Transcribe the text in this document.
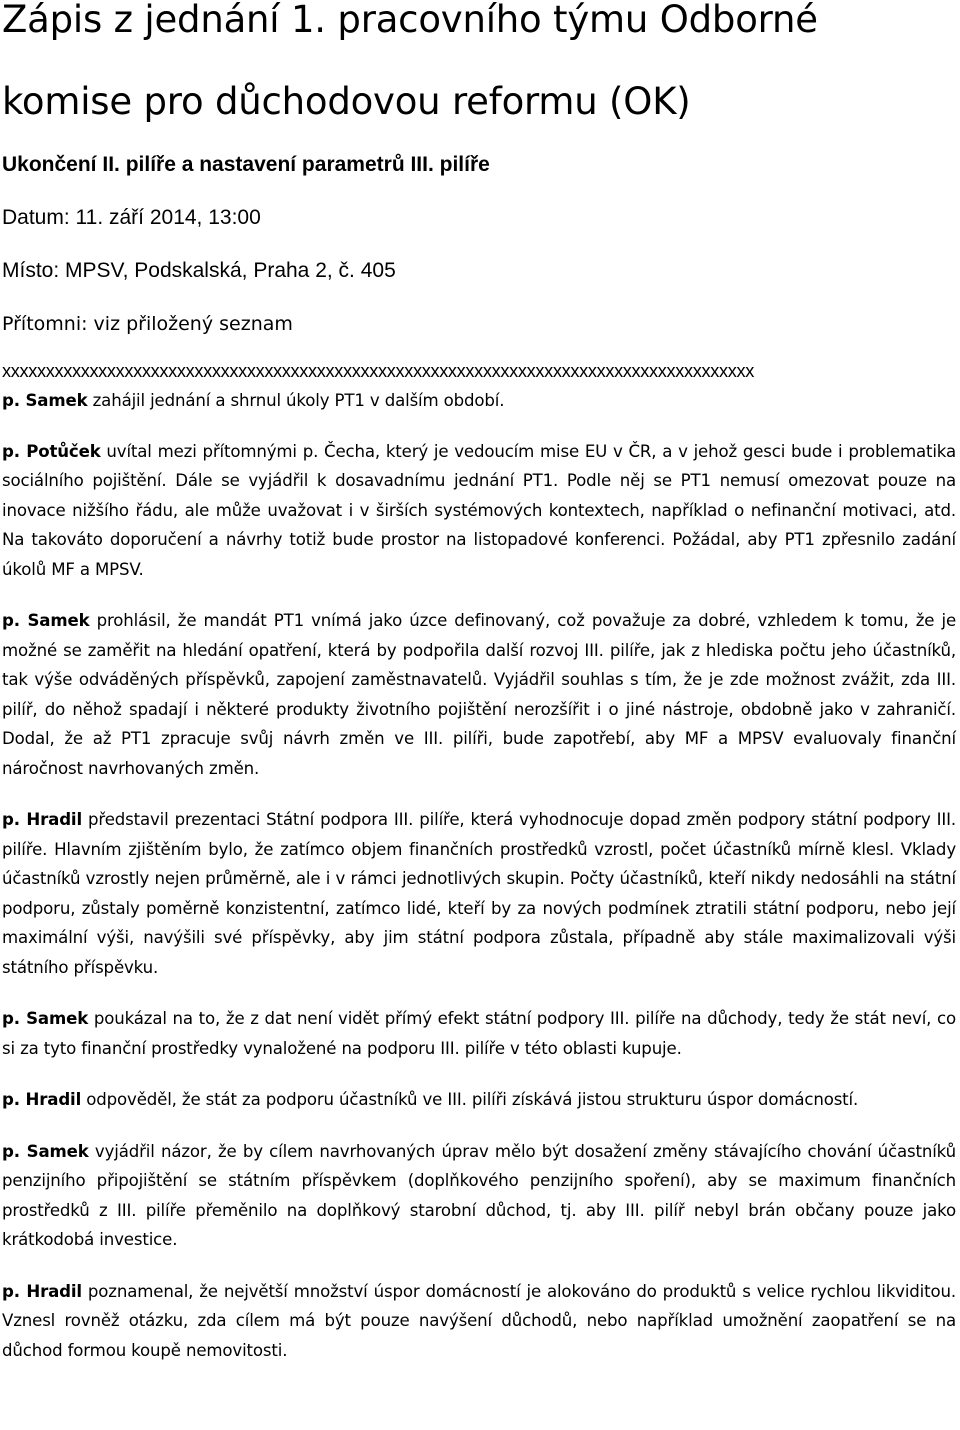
Zápis z jednání 1. pracovního týmu Odborné
komise pro důchodovou reformu (OK)
Ukončení II. pilíře a nastavení parametrů III. pilíře
Datum: 11. září 2014, 13:00
Místo: MPSV, Podskalská, Praha 2, č. 405
Přítomni: viz přiložený seznam
xxxxxxxxxxxxxxxxxxxxxxxxxxxxxxxxxxxxxxxxxxxxxxxxxxxxxxxxxxxxxxxxxxxxxxxxxxxxxxxxxxxxxx

p. Samek zahájil jednání a shrnul úkoly PT1 v dalším období.

p. Potůček uvítal mezi přítomnými p. Čecha, který je vedoucím mise EU v ČR, a v jehož gesci bude i problematika sociálního pojištění. Dále se vyjádřil k dosavadnímu jednání PT1. Podle něj se PT1 nemusí omezovat pouze na inovace nižšího řádu, ale může uvažovat i v širších systémových kontextech, například o nefinanční motivaci, atd. Na takováto doporučení a návrhy totiž bude prostor na listopadové konferenci. Požádal, aby PT1 zpřesnilo zadání úkolů MF a MPSV.

p. Samek prohlásil, že mandát PT1 vnímá jako úzce definovaný, což považuje za dobré, vzhledem k tomu, že je možné se zaměřit na hledání opatření, která by podpořila další rozvoj III. pilíře, jak z hlediska počtu jeho účastníků, tak výše odváděných příspěvků, zapojení zaměstnavatelů. Vyjádřil souhlas s tím, že je zde možnost zvážit, zda III. pilíř, do něhož spadají i některé produkty životního pojištění nerozšířit i o jiné nástroje, obdobně jako v zahraničí. Dodal, že až PT1 zpracuje svůj návrh změn ve III. pilíři, bude zapotřebí, aby MF a MPSV evaluovaly finanční náročnost navrhovaných změn.

p. Hradil představil prezentaci Státní podpora III. pilíře, která vyhodnocuje dopad změn podpory státní podpory III. pilíře. Hlavním zjištěním bylo, že zatímco objem finančních prostředků vzrostl, počet účastníků mírně klesl. Vklady účastníků vzrostly nejen průměrně, ale i v rámci jednotlivých skupin. Počty účastníků, kteří nikdy nedosáhli na státní podporu, zůstaly poměrně konzistentní, zatímco lidé, kteří by za nových podmínek ztratili státní podporu, nebo její maximální výši, navýšili své příspěvky, aby jim státní podpora zůstala, případně aby stále maximalizovali výši státního příspěvku.

p. Samek poukázal na to, že z dat není vidět přímý efekt státní podpory III. pilíře na důchody, tedy že stát neví, co si za tyto finanční prostředky vynaložené na podporu III. pilíře v této oblasti kupuje.

p. Hradil odpověděl, že stát za podporu účastníků ve III. pilíři získává jistou strukturu úspor domácností.

p. Samek vyjádřil názor, že by cílem navrhovaných úprav mělo být dosažení změny stávajícího chování účastníků penzijního připojištění se státním příspěvkem (doplňkového penzijního spoření), aby se maximum finančních prostředků z III. pilíře přeměnilo na doplňkový starobní důchod, tj. aby III. pilíř nebyl brán občany pouze jako krátkodobá investice.

p. Hradil poznamenal, že největší množství úspor domácností je alokováno do produktů s velice rychlou likviditou. Vznesl rovněž otázku, zda cílem má být pouze navýšení důchodů, nebo například umožnění zaopatření se na důchod formou koupě nemovitosti.
